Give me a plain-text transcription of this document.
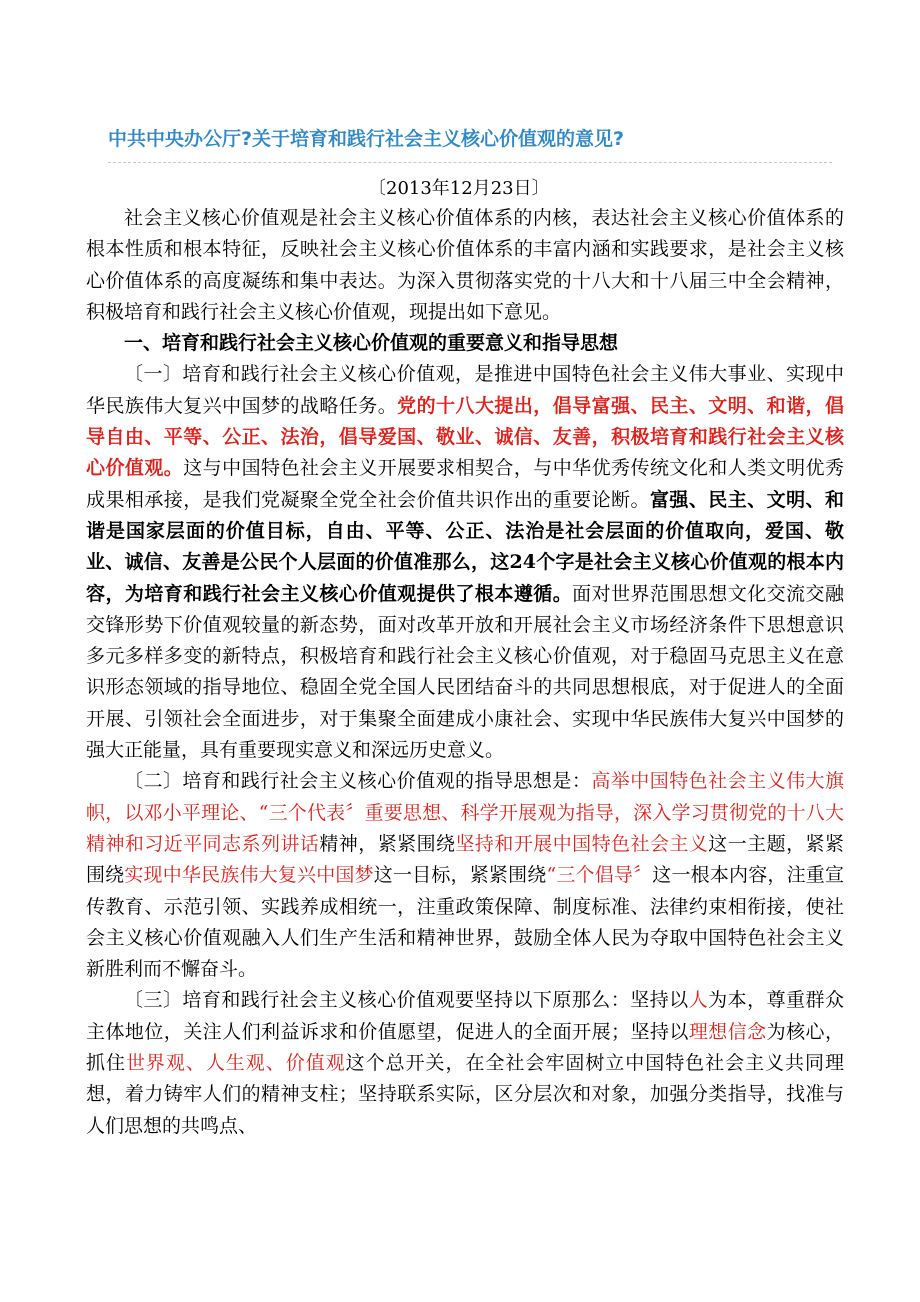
中共中央办公厅?关于培育和践行社会主义核心价值观的意见?
〔2013年12月23日〕

社会主义核心价值观是社会主义核心价值体系的内核，表达社会主义核心价值体系的根本性质和根本特征，反映社会主义核心价值体系的丰富内涵和实践要求，是社会主义核心价值体系的高度凝练和集中表达。为深入贯彻落实党的十八大和十八届三中全会精神，积极培育和践行社会主义核心价值观，现提出如下意见。

一、培育和践行社会主义核心价值观的重要意义和指导思想

〔一〕培育和践行社会主义核心价值观，是推进中国特色社会主义伟大事业、实现中华民族伟大复兴中国梦的战略任务。党的十八大提出，倡导富强、民主、文明、和谐，倡导自由、平等、公正、法治，倡导爱国、敬业、诚信、友善，积极培育和践行社会主义核心价值观。这与中国特色社会主义开展要求相契合，与中华优秀传统文化和人类文明优秀成果相承接，是我们党凝聚全党全社会价值共识作出的重要论断。富强、民主、文明、和谐是国家层面的价值目标，自由、平等、公正、法治是社会层面的价值取向，爱国、敬业、诚信、友善是公民个人层面的价值准那么，这24个字是社会主义核心价值观的根本内容，为培育和践行社会主义核心价值观提供了根本遵循。面对世界范围思想文化交流交融交锋形势下价值观较量的新态势，面对改革开放和开展社会主义市场经济条件下思想意识多元多样多变的新特点，积极培育和践行社会主义核心价值观，对于稳固马克思主义在意识形态领域的指导地位、稳固全党全国人民团结奋斗的共同思想根底，对于促进人的全面开展、引领社会全面进步，对于集聚全面建成小康社会、实现中华民族伟大复兴中国梦的强大正能量，具有重要现实意义和深远历史意义。

〔二〕培育和践行社会主义核心价值观的指导思想是：高举中国特色社会主义伟大旗帜，以邓小平理论、“三个代表〞重要思想、科学开展观为指导，深入学习贯彻党的十八大精神和习近平同志系列讲话精神，紧紧围绕坚持和开展中国特色社会主义这一主题，紧紧围绕实现中华民族伟大复兴中国梦这一目标，紧紧围绕“三个倡导〞这一根本内容，注重宣传教育、示范引领、实践养成相统一，注重政策保障、制度标准、法律约束相衔接，使社会主义核心价值观融入人们生产生活和精神世界，鼓励全体人民为夺取中国特色社会主义新胜利而不懈奋斗。

〔三〕培育和践行社会主义核心价值观要坚持以下原那么：坚持以人为本，尊重群众主体地位，关注人们利益诉求和价值愿望，促进人的全面开展；坚持以理想信念为核心，抓住世界观、人生观、价值观这个总开关，在全社会牢固树立中国特色社会主义共同理想，着力铸牢人们的精神支柱；坚持联系实际，区分层次和对象，加强分类指导，找准与人们思想的共鸣点、
